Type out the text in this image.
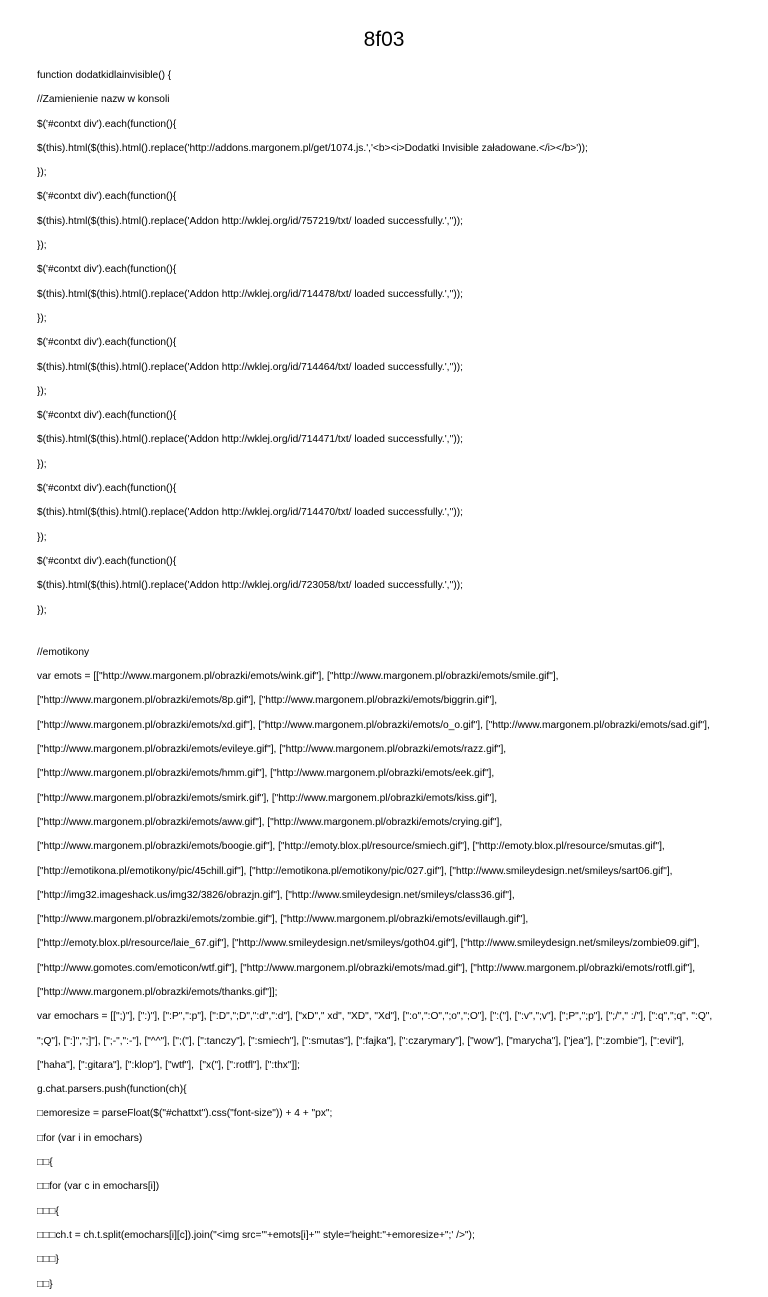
8f03

function dodatkidlainvisible() {

//Zamienienie nazw w konsoli

$('#contxt div').each(function(){

$(this).html($(this).html().replace('http://addons.margonem.pl/get/1074.js.','<b><i>Dodatki Invisible załadowane.</i></b>'));

});

$('#contxt div').each(function(){

$(this).html($(this).html().replace('Addon http://wklej.org/id/757219/txt/ loaded successfully.',''));

});

$('#contxt div').each(function(){

$(this).html($(this).html().replace('Addon http://wklej.org/id/714478/txt/ loaded successfully.',''));

});

$('#contxt div').each(function(){

$(this).html($(this).html().replace('Addon http://wklej.org/id/714464/txt/ loaded successfully.',''));

});

$('#contxt div').each(function(){

$(this).html($(this).html().replace('Addon http://wklej.org/id/714471/txt/ loaded successfully.',''));

});

$('#contxt div').each(function(){

$(this).html($(this).html().replace('Addon http://wklej.org/id/714470/txt/ loaded successfully.',''));

});

$('#contxt div').each(function(){

$(this).html($(this).html().replace('Addon http://wklej.org/id/723058/txt/ loaded successfully.',''));

});

//emotikony

var emots = [["http://www.margonem.pl/obrazki/emots/wink.gif"], ["http://www.margonem.pl/obrazki/emots/smile.gif"],

["http://www.margonem.pl/obrazki/emots/8p.gif"], ["http://www.margonem.pl/obrazki/emots/biggrin.gif"],

["http://www.margonem.pl/obrazki/emots/xd.gif"], ["http://www.margonem.pl/obrazki/emots/o_o.gif"], ["http://www.margonem.pl/obrazki/emots/sad.gif"],

["http://www.margonem.pl/obrazki/emots/evileye.gif"], ["http://www.margonem.pl/obrazki/emots/razz.gif"],

["http://www.margonem.pl/obrazki/emots/hmm.gif"], ["http://www.margonem.pl/obrazki/emots/eek.gif"],

["http://www.margonem.pl/obrazki/emots/smirk.gif"], ["http://www.margonem.pl/obrazki/emots/kiss.gif"],

["http://www.margonem.pl/obrazki/emots/aww.gif"], ["http://www.margonem.pl/obrazki/emots/crying.gif"],

["http://www.margonem.pl/obrazki/emots/boogie.gif"], ["http://emoty.blox.pl/resource/smiech.gif"], ["http://emoty.blox.pl/resource/smutas.gif"],

["http://emotikona.pl/emotikony/pic/45chill.gif"], ["http://emotikona.pl/emotikony/pic/027.gif"], ["http://www.smileydesign.net/smileys/sart06.gif"],

["http://img32.imageshack.us/img32/3826/obrazjn.gif"], ["http://www.smileydesign.net/smileys/class36.gif"],

["http://www.margonem.pl/obrazki/emots/zombie.gif"], ["http://www.margonem.pl/obrazki/emots/evillaugh.gif"],

["http://emoty.blox.pl/resource/laie_67.gif"], ["http://www.smileydesign.net/smileys/goth04.gif"], ["http://www.smileydesign.net/smileys/zombie09.gif"],

["http://www.gomotes.com/emoticon/wtf.gif"], ["http://www.margonem.pl/obrazki/emots/mad.gif"], ["http://www.margonem.pl/obrazki/emots/rotfl.gif"],

["http://www.margonem.pl/obrazki/emots/thanks.gif"]];

var emochars = [[";)"], [":)"], [":P",":p"], [":D",";D",":d",":d"], ["xD"," xd", "XD", "Xd"], [":o",":O",";o",";O"], [":("], [":v",";v"], [";P",";p"], [";/"," :/"], [":q",";q", ":Q",

";Q"], [":]",";]"], [";-",":-"], ["^^"], [";("], [":tanczy"], [":smiech"], [":smutas"], [":fajka"], [":czarymary"], ["wow"], ["marycha"], ["jea"], [":zombie"], [":evil"],

["haha"], [":gitara"], [":klop"], ["wtf"],  ["x("], [":rotfl"], [":thx"]];

g.chat.parsers.push(function(ch){

□emoresize = parseFloat($("#chattxt").css("font-size")) + 4 + "px";

□for (var i in emochars)

□□{

□□for (var c in emochars[i])

□□□{

□□□ch.t = ch.t.split(emochars[i][c]).join("<img src='"+emots[i]+"' style='height:"+emoresize+";' />");

□□□}

□□}
